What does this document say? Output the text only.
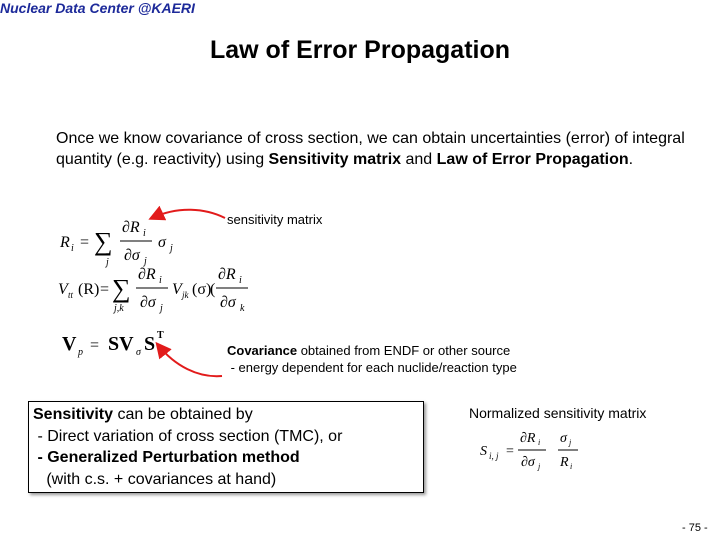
Nuclear Data Center @KAERI
Law of Error Propagation
Once we know covariance of cross section, we can obtain uncertainties (error) of integral quantity (e.g. reactivity) using Sensitivity matrix and Law of Error Propagation.
R i = ∑
j
∂R i
∂σ j
σ j
V tt (R) = ∑
j,k
∂R i
∂σ j
V jk (σ)
(
∂R i
∂σ k
V p = SV σ S T
sensitivity matrix
Covariance obtained from ENDF or other source
- energy dependent for each nuclide/reaction type
Sensitivity can be obtained by
- Direct variation of cross section (TMC), or
- Generalized Perturbation method
(with c.s. + covariances at hand)
Normalized sensitivity matrix
S i, j =
∂R i
∂σ j
σ j
R i
- 75 -
